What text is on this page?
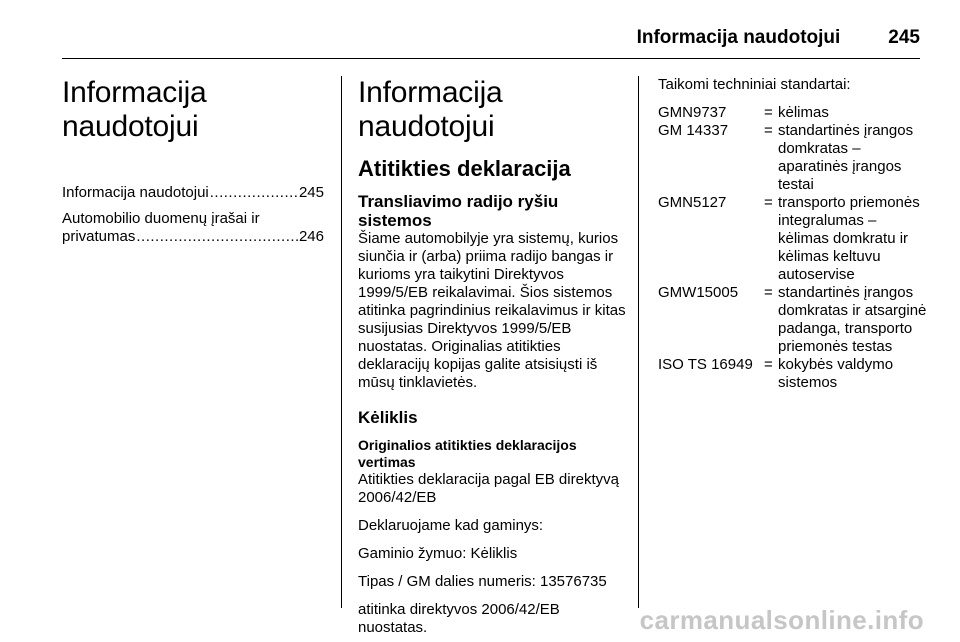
Informacija naudotojui	245
Informacija naudotojui
Informacija naudotojui .....	245
Automobilio duomenų įrašai ir
privatumas .....	246
Informacija naudotojui
Atitikties deklaracija
Transliavimo radijo ryšiu sistemos

Šiame automobilyje yra sistemų, kurios siunčia ir (arba) priima radijo bangas ir kurioms yra taikytini Direktyvos 1999/5/EB reikalavimai. Šios sistemos atitinka pagrindinius reikalavimus ir kitas susijusias Direktyvos 1999/5/EB nuostatas. Originalias atitikties deklaracijų kopijas galite atsisiųsti iš mūsų tinklavietės.

Kėliklis
Originalios atitikties deklaracijos vertimas

Atitikties deklaracija pagal EB direktyvą 2006/42/EB

Deklaruojame kad gaminys:

Gaminio žymuo: Kėliklis

Tipas / GM dalies numeris: 13576735

atitinka direktyvos 2006/42/EB nuostatas.

Taikomi techniniai standartai:

GMN9737	= kėlimas
GM 14337	= standartinės įrangos domkratas – aparatinės įrangos testai
GMN5127	= transporto priemonės integralumas – kėlimas domkratu ir kėlimas keltuvu autoservise
GMW15005	= standartinės įrangos domkratas ir atsarginė padanga, transporto priemonės testas
ISO TS 16949 = kokybės valdymo sistemos
carmanualsonline.info
